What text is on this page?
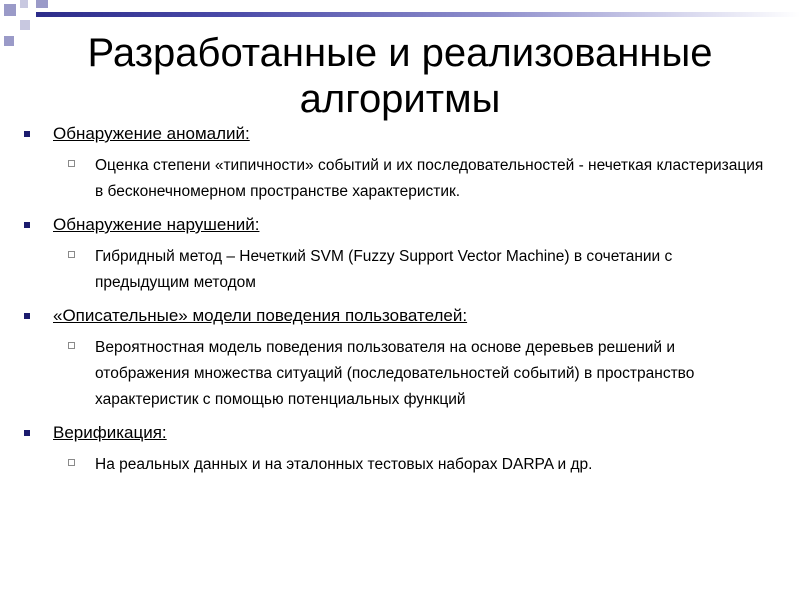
Разработанные и реализованные алгоритмы
Обнаружение аномалий:
Оценка степени «типичности» событий и их последовательностей - нечеткая кластеризация в бесконечномерном пространстве характеристик.
Обнаружение нарушений:
Гибридный метод – Нечеткий SVM (Fuzzy Support Vector Machine) в сочетании с предыдущим методом
«Описательные» модели поведения пользователей:
Вероятностная модель поведения пользователя на основе деревьев решений и отображения множества ситуаций (последовательностей событий) в пространство характеристик с помощью потенциальных функций
Верификация:
На реальных данных и на эталонных тестовых наборах DARPA и др.
